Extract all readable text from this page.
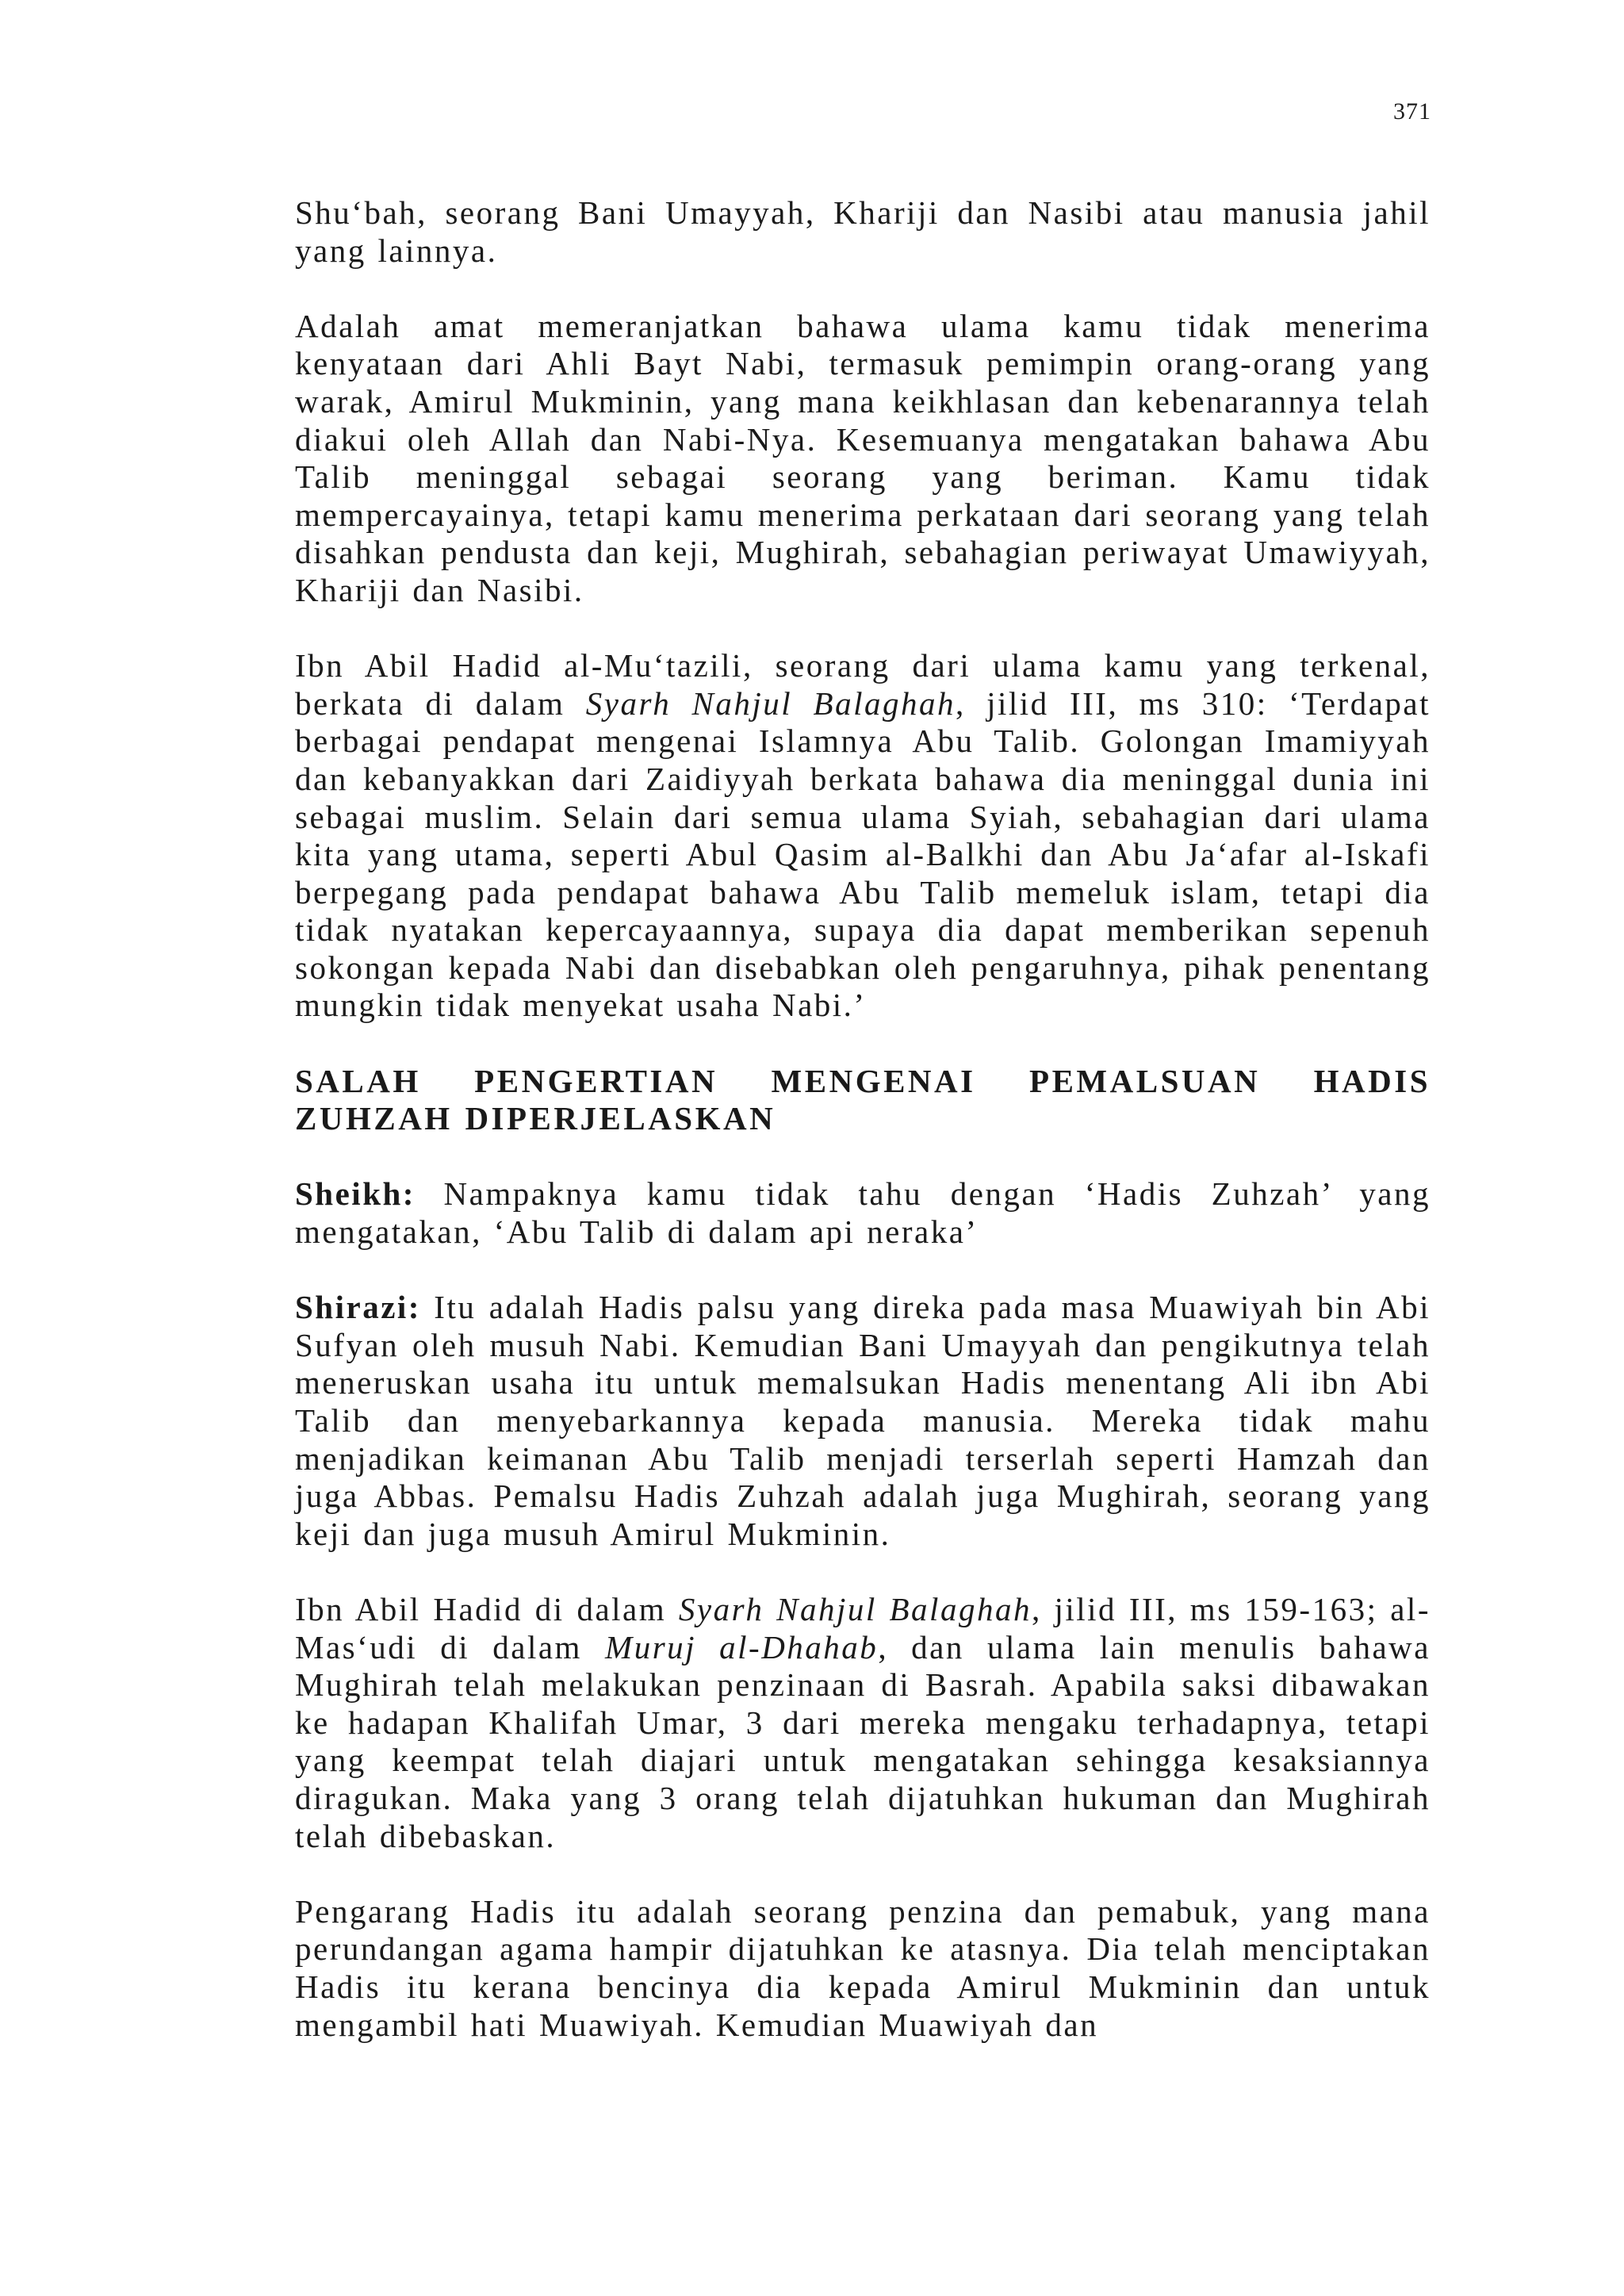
371

Shu‘bah, seorang Bani Umayyah, Khariji dan Nasibi atau manusia jahil yang lainnya.

Adalah amat memeranjatkan bahawa ulama kamu tidak menerima kenyataan dari Ahli Bayt Nabi, termasuk pemimpin orang-orang yang warak, Amirul Mukminin, yang mana keikhlasan dan kebenarannya telah diakui oleh Allah dan Nabi-Nya. Kesemuanya mengatakan bahawa Abu Talib meninggal sebagai seorang yang beriman. Kamu tidak mempercayainya, tetapi kamu menerima perkataan dari seorang yang telah disahkan pendusta dan keji, Mughirah, sebahagian periwayat Umawiyyah, Khariji dan Nasibi.

Ibn Abil Hadid al-Mu‘tazili, seorang dari ulama kamu yang terkenal, berkata di dalam Syarh Nahjul Balaghah, jilid III, ms 310: ‘Terdapat berbagai pendapat mengenai Islamnya Abu Talib. Golongan Imamiyyah dan kebanyakkan dari Zaidiyyah berkata bahawa dia meninggal dunia ini sebagai muslim. Selain dari semua ulama Syiah, sebahagian dari ulama kita yang utama, seperti Abul Qasim al-Balkhi dan Abu Ja‘afar al-Iskafi berpegang pada pendapat bahawa Abu Talib memeluk islam, tetapi dia tidak nyatakan kepercayaannya, supaya dia dapat memberikan sepenuh sokongan kepada Nabi dan disebabkan oleh pengaruhnya, pihak penentang mungkin tidak menyekat usaha Nabi.’

SALAH PENGERTIAN MENGENAI PEMALSUAN HADIS ZUHZAH DIPERJELASKAN

Sheikh: Nampaknya kamu tidak tahu dengan ‘Hadis Zuhzah’ yang mengatakan, ‘Abu Talib di dalam api neraka’

Shirazi: Itu adalah Hadis palsu yang direka pada masa Muawiyah bin Abi Sufyan oleh musuh Nabi. Kemudian Bani Umayyah dan pengikutnya telah meneruskan usaha itu untuk memalsukan Hadis menentang Ali ibn Abi Talib dan menyebarkannya kepada manusia. Mereka tidak mahu menjadikan keimanan Abu Talib menjadi terserlah seperti Hamzah dan juga Abbas. Pemalsu Hadis Zuhzah adalah juga Mughirah, seorang yang keji dan juga musuh Amirul Mukminin.

Ibn Abil Hadid di dalam Syarh Nahjul Balaghah, jilid III, ms 159-163; al-Mas‘udi di dalam Muruj al-Dhahab, dan ulama lain menulis bahawa Mughirah telah melakukan penzinaan di Basrah. Apabila saksi dibawakan ke hadapan Khalifah Umar, 3 dari mereka mengaku terhadapnya, tetapi yang keempat telah diajari untuk mengatakan sehingga kesaksiannya diragukan. Maka yang 3 orang telah dijatuhkan hukuman dan Mughirah telah dibebaskan.

Pengarang Hadis itu adalah seorang penzina dan pemabuk, yang mana perundangan agama hampir dijatuhkan ke atasnya. Dia telah menciptakan Hadis itu kerana bencinya dia kepada Amirul Mukminin dan untuk mengambil hati Muawiyah. Kemudian Muawiyah dan
